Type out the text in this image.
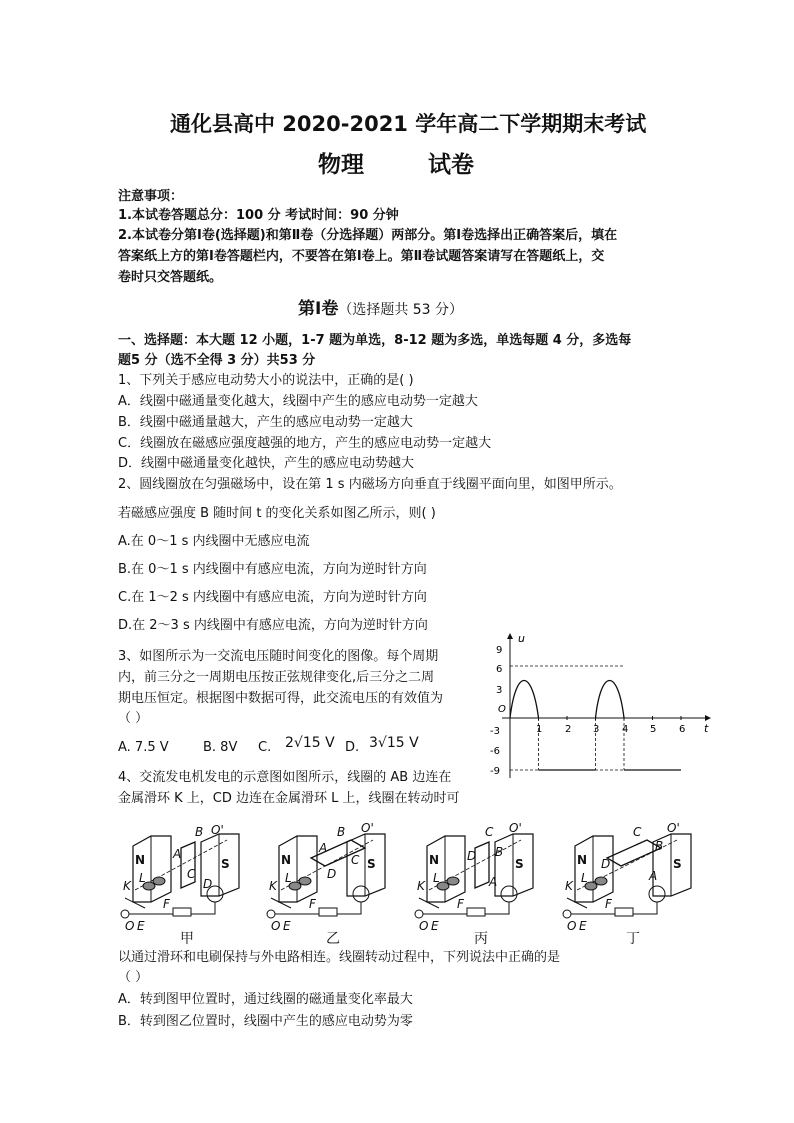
通化县高中 2020-2021 学年高二下学期期末考试
物理	试卷
注意事项：
1.本试卷答题总分：100 分 考试时间：90 分钟
2.本试卷分第Ⅰ卷(选择题)和第Ⅱ卷（分选择题）两部分。第Ⅰ卷选择出正确答案后，填在
答案纸上方的第Ⅰ卷答题栏内，不要答在第Ⅰ卷上。第Ⅱ卷试题答案请写在答题纸上，交
卷时只交答题纸。
第Ⅰ卷（选择题共 53 分）
一、选择题：本大题 12 小题，1-7 题为单选，8-12 题为多选，单选每题 4 分，多选每
题5 分（选不全得 3 分）共53 分
1、下列关于感应电动势大小的说法中，正确的是( )
A．线圈中磁通量变化越大，线圈中产生的感应电动势一定越大
B．线圈中磁通量越大，产生的感应电动势一定越大
C．线圈放在磁感应强度越强的地方，产生的感应电动势一定越大
D．线圈中磁通量变化越快，产生的感应电动势越大
2、圆线圈放在匀强磁场中，设在第 1 s 内磁场方向垂直于线圈平面向里，如图甲所示。
若磁感应强度 B 随时间 t 的变化关系如图乙所示，则( )
A.在 0～1 s 内线圈中无感应电流
B.在 0～1 s 内线圈中有感应电流，方向为逆时针方向
C.在 1～2 s 内线圈中有感应电流，方向为逆时针方向
D.在 2～3 s 内线圈中有感应电流，方向为逆时针方向
3、如图所示为一交流电压随时间变化的图像。每个周期
内，前三分之一周期电压按正弦规律变化,后三分之二周
期电压恒定。根据图中数据可得，此交流电压的有效值为
（ ）
A. 7.5 V	B. 8V C. 2√15 V D. 3√15 V
u
t
O
9
6
3
-3
-6
-9
1 2 3 4 5 6
4、交流发电机发电的示意图如图所示，线圈的 AB 边连在
金属滑环 K 上，CD 边连在金属滑环 L 上，线圈在转动时可
N	S
B
A
O'
C
D
K
L
O E
F
N	S
B
A
O'
C
D
K
L
O E
F
N	S
C
D
O'
B
A
K
L
O E
F
N	S
C
D
O'
B
A
K
L
O E
F
甲	乙	丙	丁
以通过滑环和电刷保持与外电路相连。线圈转动过程中，下列说法中正确的是
（ ）
A．转到图甲位置时，通过线圈的磁通量变化率最大
B．转到图乙位置时，线圈中产生的感应电动势为零
